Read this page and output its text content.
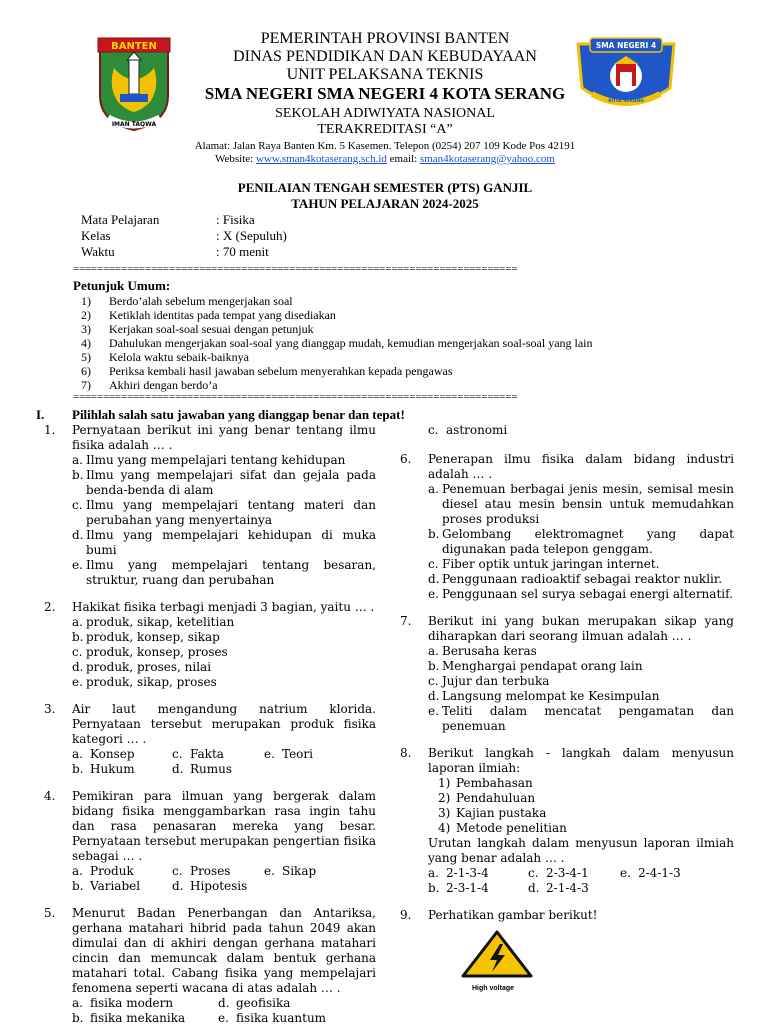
BANTEN
IMAN TAQWA
SMA NEGERI 4
KOTA SERANG
PEMERINTAH PROVINSI BANTEN
DINAS PENDIDIKAN DAN KEBUDAYAAN
UNIT PELAKSANA TEKNIS
SMA NEGERI SMA NEGERI 4 KOTA SERANG
SEKOLAH ADIWIYATA NASIONAL
TERAKREDITASI “A”
Alamat: Jalan Raya Banten Km. 5 Kasemen. Telepon (0254) 207 109 Kode Pos 42191
Website: www.sman4kotaserang.sch.id email: sman4kotaserang@yahoo.com
PENILAIAN TENGAH SEMESTER (PTS) GANJIL
TAHUN PELAJARAN 2024-2025
Mata Pelajaran	: Fisika
Kelas	: X (Sepuluh)
Waktu	: 70 menit
==========================================================================
Petunjuk Umum:
1)	Berdo’alah sebelum mengerjakan soal
2)	Ketiklah identitas pada tempat yang disediakan
3)	Kerjakan soal-soal sesuai dengan petunjuk
4)	Dahulukan mengerjakan soal-soal yang dianggap mudah, kemudian mengerjakan soal-soal yang lain
5)	Kelola waktu sebaik-baiknya
6)	Periksa kembali hasil jawaban sebelum menyerahkan kepada pengawas
7)	Akhiri dengan berdo’a
==========================================================================
I.	Pilihlah salah satu jawaban yang dianggap benar dan tepat!
1.	Pernyataan berikut ini yang benar tentang ilmu fisika adalah … .
a. Ilmu yang mempelajari tentang kehidupan
b. Ilmu yang mempelajari sifat dan gejala pada benda-benda di alam
c. Ilmu yang mempelajari tentang materi dan perubahan yang menyertainya
d. Ilmu yang mempelajari kehidupan di muka bumi
e. Ilmu yang mempelajari tentang besaran, struktur, ruang dan perubahan
2.	Hakikat fisika terbagi menjadi 3 bagian, yaitu … .
a. produk, sikap, ketelitian
b. produk, konsep, sikap
c. produk, konsep, proses
d. produk, proses, nilai
e. produk, sikap, proses
3.	Air laut mengandung natrium klorida. Pernyataan tersebut merupakan produk fisika kategori … .
a. Konsep	c. Fakta	e. Teori
b. Hukum	d. Rumus
4.	Pemikiran para ilmuan yang bergerak dalam bidang fisika menggambarkan rasa ingin tahu dan rasa penasaran mereka yang besar. Pernyataan tersebut merupakan pengertian fisika sebagai … .
a. Produk	c. Proses	e. Sikap
b. Variabel	d. Hipotesis
5.	Menurut Badan Penerbangan dan Antariksa, gerhana matahari hibrid pada tahun 2049 akan dimulai dan di akhiri dengan gerhana matahari cincin dan memuncak dalam bentuk gerhana matahari total. Cabang fisika yang mempelajari fenomena seperti wacana di atas adalah … .
a. fisika modern	d. geofisika
b. fisika mekanika	e. fisika kuantum
c. astronomi
6.	Penerapan ilmu fisika dalam bidang industri adalah … .
a. Penemuan berbagai jenis mesin, semisal mesin diesel atau mesin bensin untuk memudahkan proses produksi
b. Gelombang elektromagnet yang dapat digunakan pada telepon genggam.
c. Fiber optik untuk jaringan internet.
d. Penggunaan radioaktif sebagai reaktor nuklir.
e. Penggunaan sel surya sebagai energi alternatif.
7.	Berikut ini yang bukan merupakan sikap yang diharapkan dari seorang ilmuan adalah … .
a. Berusaha keras
b. Menghargai pendapat orang lain
c. Jujur dan terbuka
d. Langsung melompat ke Kesimpulan
e. Teliti dalam mencatat pengamatan dan penemuan
8.	Berikut langkah - langkah dalam menyusun laporan ilmiah:
1) Pembahasan
2) Pendahuluan
3) Kajian pustaka
4) Metode penelitian
Urutan langkah dalam menyusun laporan ilmiah yang benar adalah … .
a. 2-1-3-4	c. 2-3-4-1	e. 2-4-1-3
b. 2-3-1-4	d. 2-1-4-3
9.	Perhatikan gambar berikut!
High voltage
